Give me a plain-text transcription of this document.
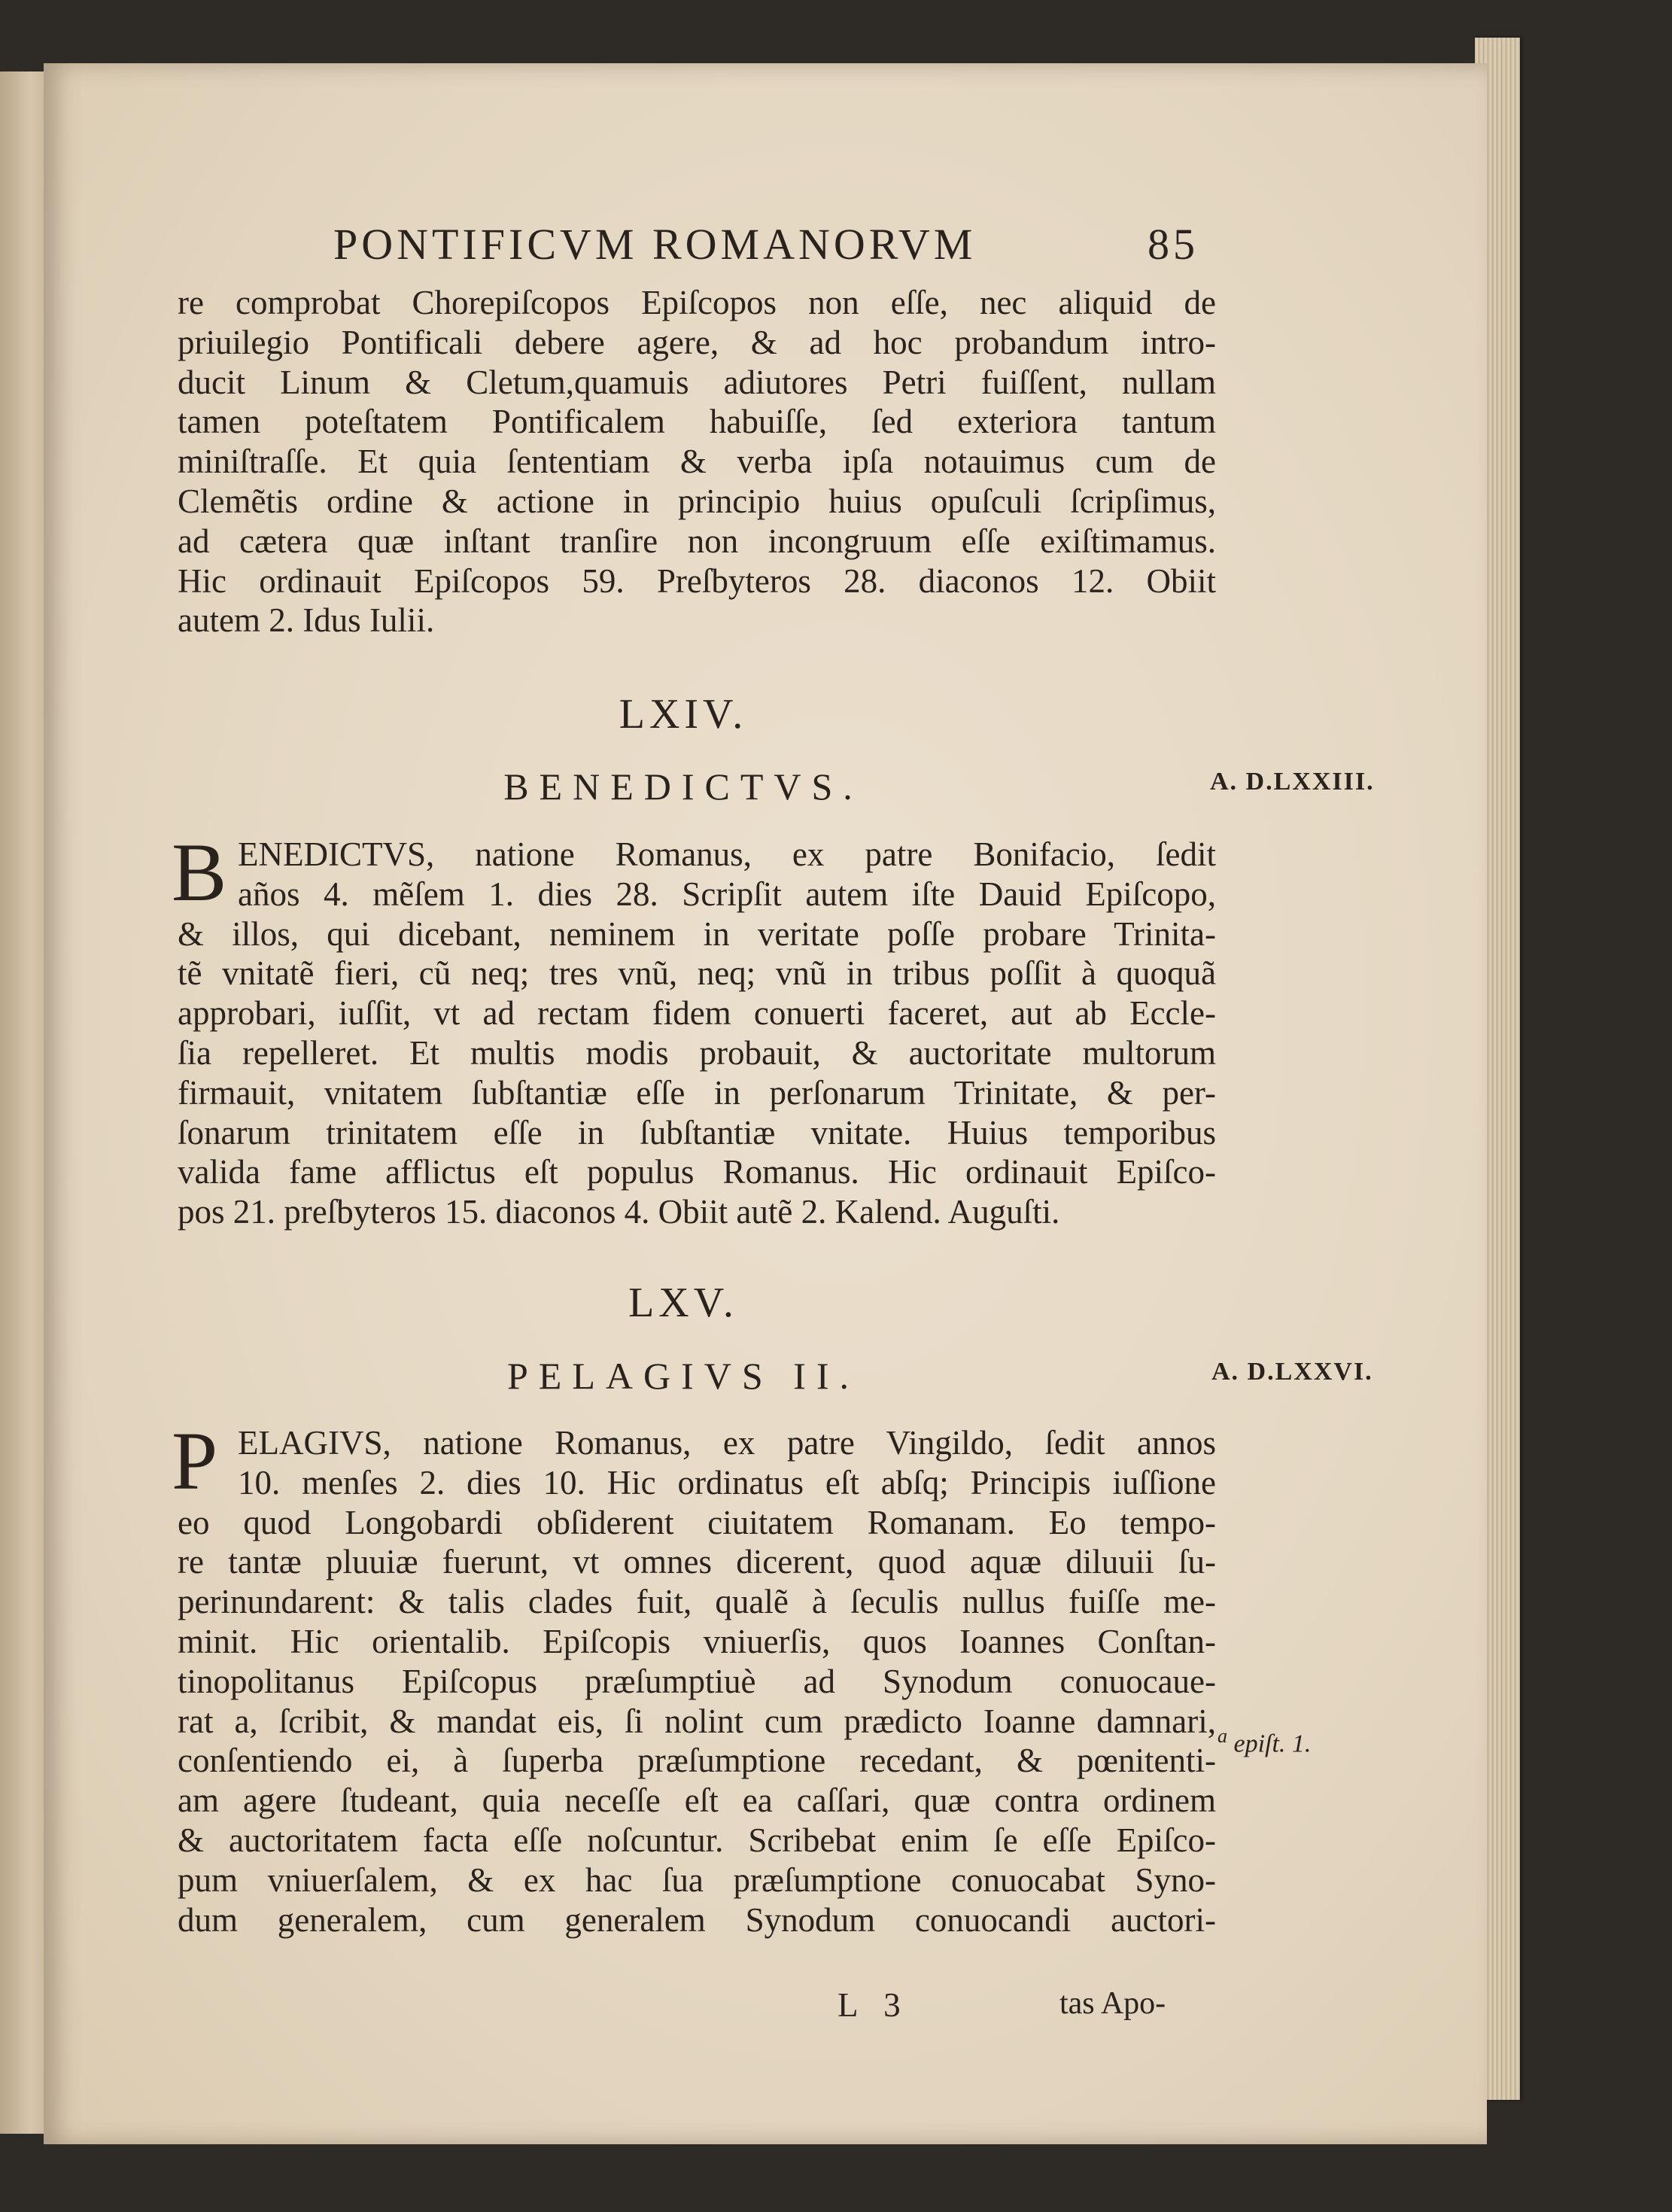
PONTIFICVM ROMANORVM	85
re comprobat Chorepiſcopos Epiſcopos non eſſe, nec aliquid de
priuilegio Pontificali debere agere, & ad hoc probandum intro-
ducit Linum & Cletum,quamuis adiutores Petri fuiſſent, nullam
tamen poteſtatem Pontificalem habuiſſe, ſed exteriora tantum
miniſtraſſe. Et quia ſententiam & verba ipſa notauimus cum de
Clemẽtis ordine & actione in principio huius opuſculi ſcripſimus,
ad cætera quæ inſtant tranſire non incongruum eſſe exiſtimamus.
Hic ordinauit Epiſcopos 59. Preſbyteros 28. diaconos 12. Obiit
autem 2. Idus Iulii.
LXIV.
BENEDICTVS.	A. D.LXXIII.
B ENEDICTVS, natione Romanus, ex patre Bonifacio, ſedit
años 4. mẽſem 1. dies 28. Scripſit autem iſte Dauid Epiſcopo,
& illos, qui dicebant, neminem in veritate poſſe probare Trinita-
tẽ vnitatẽ fieri, cũ neq; tres vnũ, neq; vnũ in tribus poſſit à quoquã
approbari, iuſſit, vt ad rectam fidem conuerti faceret, aut ab Eccle-
ſia repelleret. Et multis modis probauit, & auctoritate multorum
firmauit, vnitatem ſubſtantiæ eſſe in perſonarum Trinitate, & per-
ſonarum trinitatem eſſe in ſubſtantiæ vnitate. Huius temporibus
valida fame afflictus eſt populus Romanus. Hic ordinauit Epiſco-
pos 21. preſbyteros 15. diaconos 4. Obiit autẽ 2. Kalend. Auguſti.
LXV.
PELAGIVS II.	A. D.LXXVI.
P ELAGIVS, natione Romanus, ex patre Vingildo, ſedit annos
10. menſes 2. dies 10. Hic ordinatus eſt abſq; Principis iuſſione
eo quod Longobardi obſiderent ciuitatem Romanam. Eo tempo-
re tantæ pluuiæ fuerunt, vt omnes dicerent, quod aquæ diluuii ſu-
perinundarent: & talis clades fuit, qualẽ à ſeculis nullus fuiſſe me-
minit. Hic orientalib. Epiſcopis vniuerſis, quos Ioannes Conſtan-
tinopolitanus Epiſcopus præſumptiuè ad Synodum conuocaue-
rat a, ſcribit, & mandat eis, ſi nolint cum prædicto Ioanne damnari,
conſentiendo ei, à ſuperba præſumptione recedant, & pœnitenti-
am agere ſtudeant, quia neceſſe eſt ea caſſari, quæ contra ordinem
& auctoritatem facta eſſe noſcuntur. Scribebat enim ſe eſſe Epiſco-
pum vniuerſalem, & ex hac ſua præſumptione conuocabat Syno-
dum generalem, cum generalem Synodum conuocandi auctori-
$^a$ epiſt. 1.
L 3	tas Apo-
